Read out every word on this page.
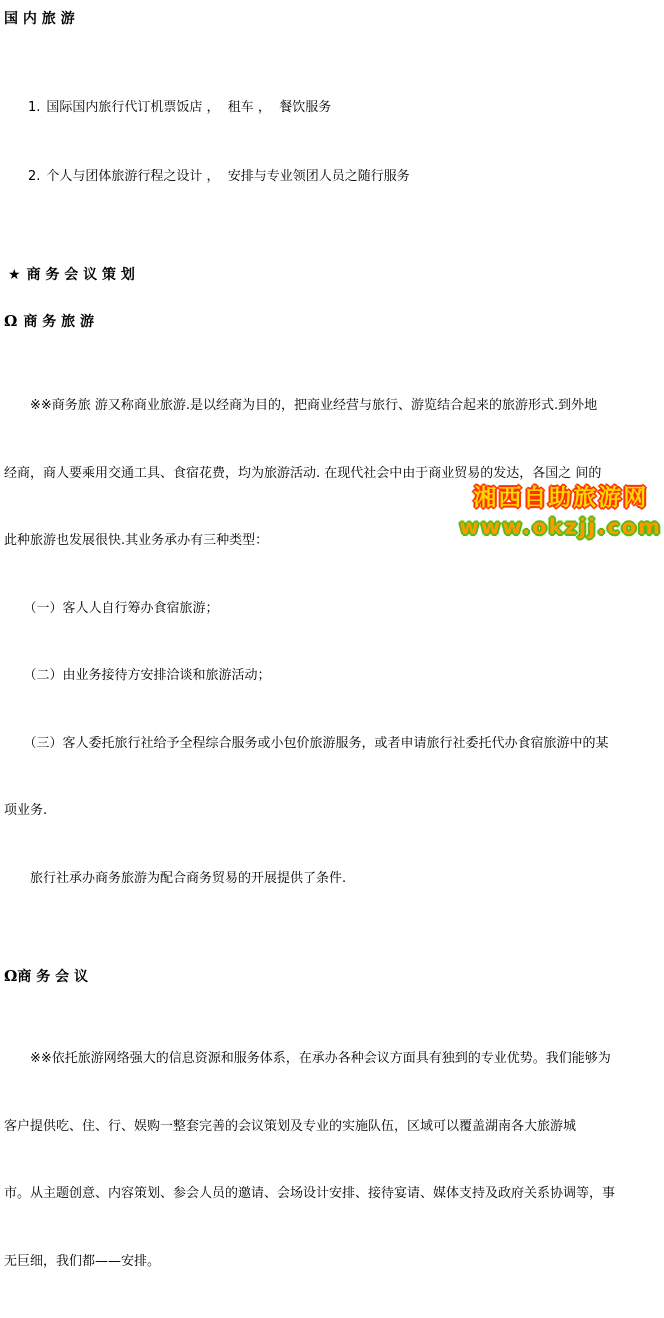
国 内 旅 游

1. 国际国内旅行代订机票饭店 ，  租车 ，  餐饮服务

2. 个人与团体旅游行程之设计 ，  安排与专业领团人员之随行服务

★ 商 务 会 议 策 划
Ω 商 务 旅 游

　　※※商务旅 游又称商业旅游.是以经商为目的，把商业经营与旅行、游览结合起来的旅游形式.到外地

经商，商人要乘用交通工具、食宿花费，均为旅游活动. 在现代社会中由于商业贸易的发达，各国之 间的

此种旅游也发展很快.其业务承办有三种类型：

　　（一）客人人自行筹办食宿旅游；

　　（二）由业务接待方安排洽谈和旅游活动；

　　（三）客人委托旅行社给予全程综合服务或小包价旅游服务，或者申请旅行社委托代办食宿旅游中的某

项业务.

　　旅行社承办商务旅游为配合商务贸易的开展提供了条件.

Ω商 务 会 议

　　※※依托旅游网络强大的信息资源和服务体系，在承办各种会议方面具有独到的专业优势。我们能够为

客户提供吃、住、行、娱购一整套完善的会议策划及专业的实施队伍，区域可以覆盖湖南各大旅游城

市。从主题创意、内容策划、参会人员的邀请、会场设计安排、接待宴请、媒体支持及政府关系协调等，事

无巨细，我们都——安排。

湘西自助旅游网
www.okzjj.com
